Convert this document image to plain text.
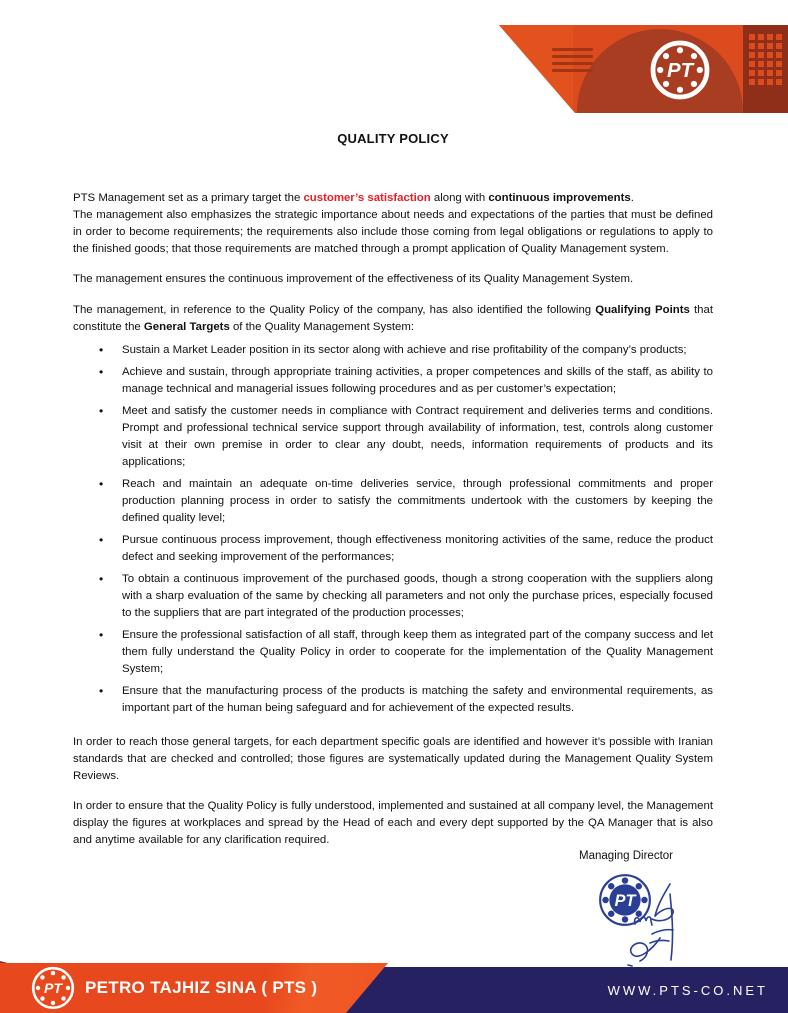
PT
QUALITY POLICY

PTS Management set as a primary target the customer’s satisfaction along with continuous improvements.

The management also emphasizes the strategic importance about needs and expectations of the parties that must be defined in order to become requirements; the requirements also include those coming from legal obligations or regulations to apply to the finished goods; that those requirements are matched through a prompt application of Quality Management system.

The management ensures the continuous improvement of the effectiveness of its Quality Management System.

The management, in reference to the Quality Policy of the company, has also identified the following Qualifying Points that constitute the General Targets of the Quality Management System:

• Sustain a Market Leader position in its sector along with achieve and rise profitability of the company’s products;
• Achieve and sustain, through appropriate training activities, a proper competences and skills of the staff, as ability to manage technical and managerial issues following procedures and as per customer’s expectation;
• Meet and satisfy the customer needs in compliance with Contract requirement and deliveries terms and conditions. Prompt and professional technical service support through availability of information, test, controls along customer visit at their own premise in order to clear any doubt, needs, information requirements of products and its applications;
• Reach and maintain an adequate on-time deliveries service, through professional commitments and proper production planning process in order to satisfy the commitments undertook with the customers by keeping the defined quality level;
• Pursue continuous process improvement, though effectiveness monitoring activities of the same, reduce the product defect and seeking improvement of the performances;
• To obtain a continuous improvement of the purchased goods, though a strong cooperation with the suppliers along with a sharp evaluation of the same by checking all parameters and not only the purchase prices, especially focused to the suppliers that are part integrated of the production processes;
• Ensure the professional satisfaction of all staff, through keep them as integrated part of the company success and let them fully understand the Quality Policy in order to cooperate for the implementation of the Quality Management System;
• Ensure that the manufacturing process of the products is matching the safety and environmental requirements, as important part of the human being safeguard and for achievement of the expected results.

In order to reach those general targets, for each department specific goals are identified and however it’s possible with Iranian standards that are checked and controlled; those figures are systematically updated during the Management Quality System Reviews.

In order to ensure that the Quality Policy is fully understood, implemented and sustained at all company level, the Management display the figures at workplaces and spread by the Head of each and every dept supported by the QA Manager that is also and anytime available for any clarification required.

Managing Director
PT
PT PETRO TAJHIZ SINA ( PTS )	WWW.PTS-CO.NET
